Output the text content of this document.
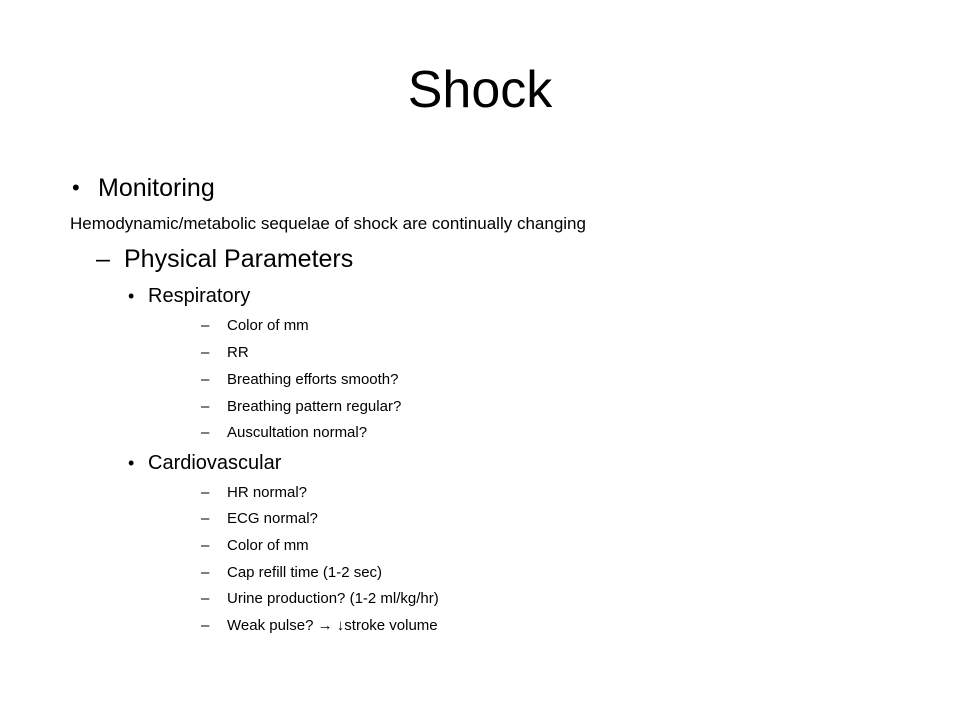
Shock
• Monitoring
Hemodynamic/metabolic sequelae of shock are continually changing
– Physical Parameters
• Respiratory
– Color of mm
– RR
– Breathing efforts smooth?
– Breathing pattern regular?
– Auscultation normal?
• Cardiovascular
– HR normal?
– ECG normal?
– Color of mm
– Cap refill time (1-2 sec)
– Urine production? (1-2 ml/kg/hr)
– Weak pulse? → ↓stroke volume
